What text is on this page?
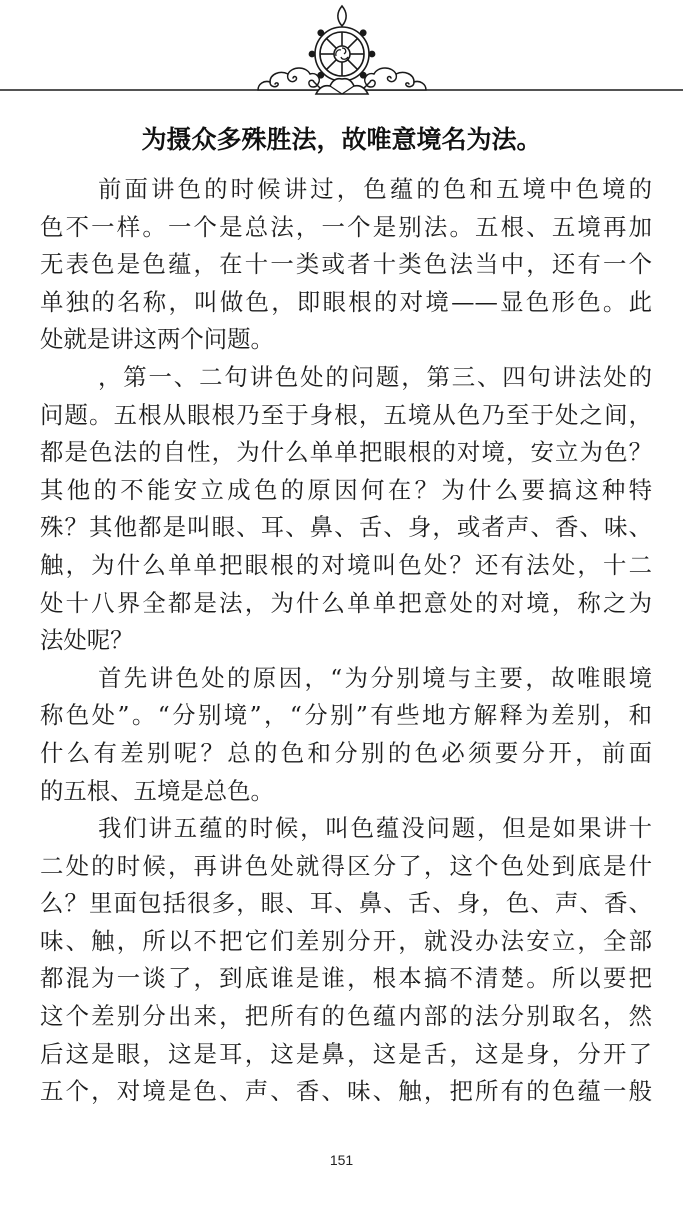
为摄众多殊胜法，故唯意境名为法。
前面讲色的时候讲过，色蕴的色和五境中色境的
色不一样。一个是总法，一个是别法。五根、五境再加
无表色是色蕴，在十一类或者十类色法当中，还有一个
单独的名称，叫做色，即眼根的对境——显色形色。此
处就是讲这两个问题。
，第一、二句讲色处的问题，第三、四句讲法处的
问题。五根从眼根乃至于身根，五境从色乃至于处之间，
都是色法的自性，为什么单单把眼根的对境，安立为色？
其他的不能安立成色的原因何在？为什么要搞这种特
殊？其他都是叫眼、耳、鼻、舌、身，或者声、香、味、
触，为什么单单把眼根的对境叫色处？还有法处，十二
处十八界全都是法，为什么单单把意处的对境，称之为
法处呢？
首先讲色处的原因，“为分别境与主要，故唯眼境
称色处”。“分别境”，“分别”有些地方解释为差别，和
什么有差别呢？总的色和分别的色必须要分开，前面
的五根、五境是总色。
我们讲五蕴的时候，叫色蕴没问题，但是如果讲十
二处的时候，再讲色处就得区分了，这个色处到底是什
么？里面包括很多，眼、耳、鼻、舌、身，色、声、香、
味、触，所以不把它们差别分开，就没办法安立，全部
都混为一谈了，到底谁是谁，根本搞不清楚。所以要把
这个差别分出来，把所有的色蕴内部的法分别取名，然
后这是眼，这是耳，这是鼻，这是舌，这是身，分开了
五个，对境是色、声、香、味、触，把所有的色蕴一般
151
